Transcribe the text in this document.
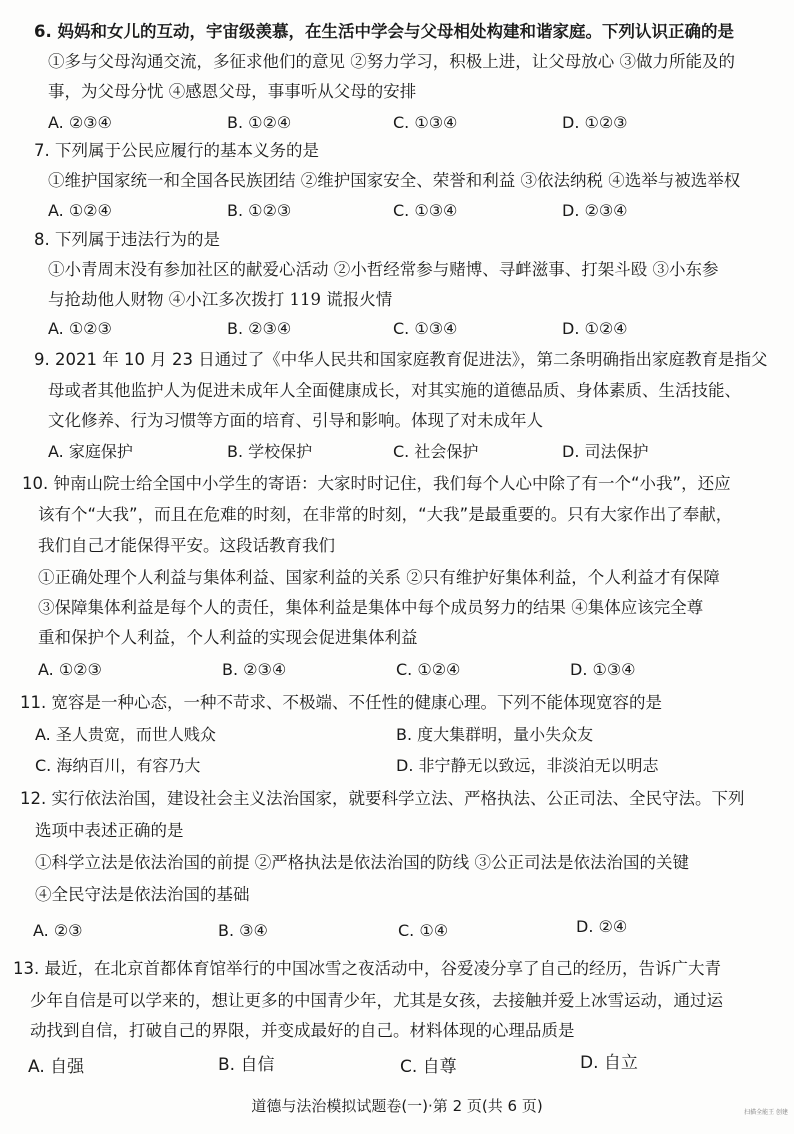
6. 妈妈和女儿的互动，宇宙级羡慕，在生活中学会与父母相处构建和谐家庭。下列认识正确的是
①多与父母沟通交流，多征求他们的意见 ②努力学习，积极上进，让父母放心 ③做力所能及的
事，为父母分忧 ④感恩父母，事事听从父母的安排
A. ②③④	B. ①②④	C. ①③④	D. ①②③
7. 下列属于公民应履行的基本义务的是
①维护国家统一和全国各民族团结 ②维护国家安全、荣誉和利益 ③依法纳税 ④选举与被选举权
A. ①②④	B. ①②③	C. ①③④	D. ②③④
8. 下列属于违法行为的是
①小青周末没有参加社区的献爱心活动 ②小哲经常参与赌博、寻衅滋事、打架斗殴 ③小东参
与抢劫他人财物 ④小江多次拨打 119 谎报火情
A. ①②③	B. ②③④	C. ①③④	D. ①②④
9. 2021 年 10 月 23 日通过了《中华人民共和国家庭教育促进法》，第二条明确指出家庭教育是指父
母或者其他监护人为促进未成年人全面健康成长，对其实施的道德品质、身体素质、生活技能、
文化修养、行为习惯等方面的培育、引导和影响。体现了对未成年人
A. 家庭保护	B. 学校保护	C. 社会保护	D. 司法保护
10. 钟南山院士给全国中小学生的寄语：大家时时记住，我们每个人心中除了有一个“小我”，还应
该有个“大我”，而且在危难的时刻，在非常的时刻，“大我”是最重要的。只有大家作出了奉献，
我们自己才能保得平安。这段话教育我们
①正确处理个人利益与集体利益、国家利益的关系 ②只有维护好集体利益，个人利益才有保障
③保障集体利益是每个人的责任，集体利益是集体中每个成员努力的结果 ④集体应该完全尊
重和保护个人利益，个人利益的实现会促进集体利益
A. ①②③	B. ②③④	C. ①②④	D. ①③④
11. 宽容是一种心态，一种不苛求、不极端、不任性的健康心理。下列不能体现宽容的是
A. 圣人贵宽，而世人贱众	B. 度大集群明，量小失众友
C. 海纳百川，有容乃大	D. 非宁静无以致远，非淡泊无以明志
12. 实行依法治国，建设社会主义法治国家，就要科学立法、严格执法、公正司法、全民守法。下列
选项中表述正确的是
①科学立法是依法治国的前提 ②严格执法是依法治国的防线 ③公正司法是依法治国的关键
④全民守法是依法治国的基础
A. ②③	B. ③④	C. ①④	D. ②④
13. 最近，在北京首都体育馆举行的中国冰雪之夜活动中，谷爱凌分享了自己的经历，告诉广大青
少年自信是可以学来的，想让更多的中国青少年，尤其是女孩，去接触并爱上冰雪运动，通过运
动找到自信，打破自己的界限，并变成最好的自己。材料体现的心理品质是
A. 自强	B. 自信	C. 自尊	D. 自立
道德与法治模拟试题卷(一)·第 2 页(共 6 页)	扫描全能王 创建
